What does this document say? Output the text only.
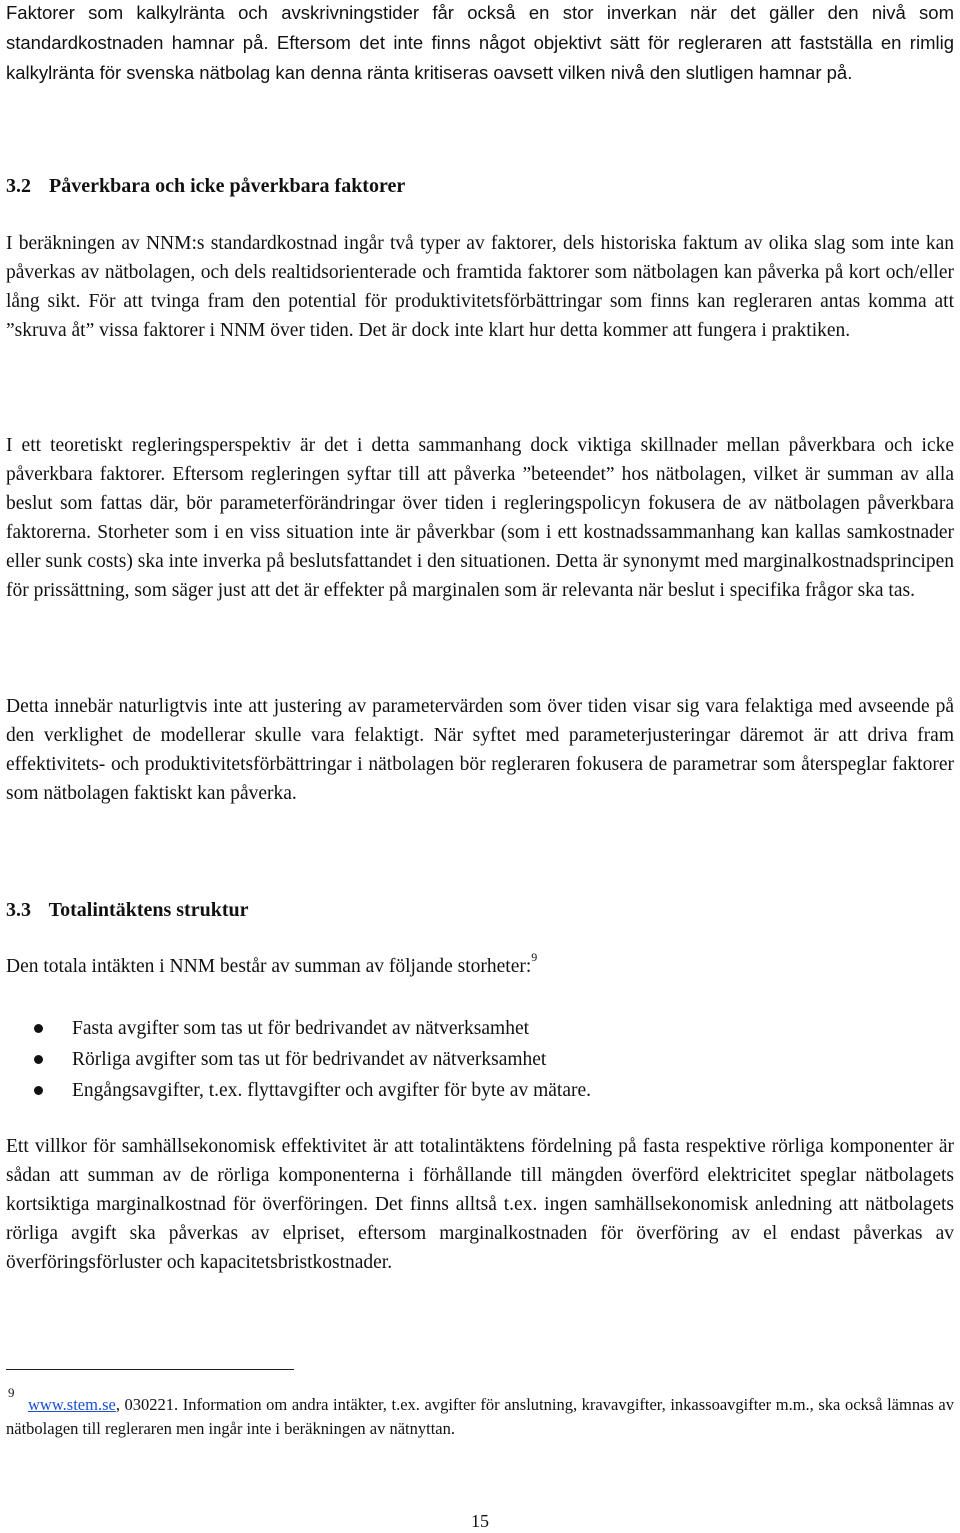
Faktorer som kalkylränta och avskrivningstider får också en stor inverkan när det gäller den nivå som standardkostnaden hamnar på. Eftersom det inte finns något objektivt sätt för regleraren att fastställa en rimlig kalkylränta för svenska nätbolag kan denna ränta kritiseras oavsett vilken nivå den slutligen hamnar på.

3.2 Påverkbara och icke påverkbara faktorer

I beräkningen av NNM:s standardkostnad ingår två typer av faktorer, dels historiska faktum av olika slag som inte kan påverkas av nätbolagen, och dels realtidsorienterade och framtida faktorer som nätbolagen kan påverka på kort och/eller lång sikt. För att tvinga fram den potential för produktivitetsförbättringar som finns kan regleraren antas komma att ”skruva åt” vissa faktorer i NNM över tiden. Det är dock inte klart hur detta kommer att fungera i praktiken.

I ett teoretiskt regleringsperspektiv är det i detta sammanhang dock viktiga skillnader mellan påverkbara och icke påverkbara faktorer. Eftersom regleringen syftar till att påverka ”beteendet” hos nätbolagen, vilket är summan av alla beslut som fattas där, bör parameterförändringar över tiden i regleringspolicyn fokusera de av nätbolagen påverkbara faktorerna. Storheter som i en viss situation inte är påverkbar (som i ett kostnadssammanhang kan kallas samkostnader eller sunk costs) ska inte inverka på beslutsfattandet i den situationen. Detta är synonymt med marginalkostnadsprincipen för prissättning, som säger just att det är effekter på marginalen som är relevanta när beslut i specifika frågor ska tas.

Detta innebär naturligtvis inte att justering av parametervärden som över tiden visar sig vara felaktiga med avseende på den verklighet de modellerar skulle vara felaktigt. När syftet med parameterjusteringar däremot är att driva fram effektivitets- och produktivitetsförbättringar i nätbolagen bör regleraren fokusera de parametrar som återspeglar faktorer som nätbolagen faktiskt kan påverka.

3.3 Totalintäktens struktur

Den totala intäkten i NNM består av summan av följande storheter:$^9$

Fasta avgifter som tas ut för bedrivandet av nätverksamhet
Rörliga avgifter som tas ut för bedrivandet av nätverksamhet
Engångsavgifter, t.ex. flyttavgifter och avgifter för byte av mätare.

Ett villkor för samhällsekonomisk effektivitet är att totalintäktens fördelning på fasta respektive rörliga komponenter är sådan att summan av de rörliga komponenterna i förhållande till mängden överförd elektricitet speglar nätbolagets kortsiktiga marginalkostnad för överföringen. Det finns alltså t.ex. ingen samhällsekonomisk anledning att nätbolagets rörliga avgift ska påverkas av elpriset, eftersom marginalkostnaden för överföring av el endast påverkas av överföringsförluster och kapacitetsbristkostnader.

9

www.stem.se, 030221. Information om andra intäkter, t.ex. avgifter för anslutning, kravavgifter, inkassoavgifter m.m., ska också lämnas av nätbolagen till regleraren men ingår inte i beräkningen av nätnyttan.

15
